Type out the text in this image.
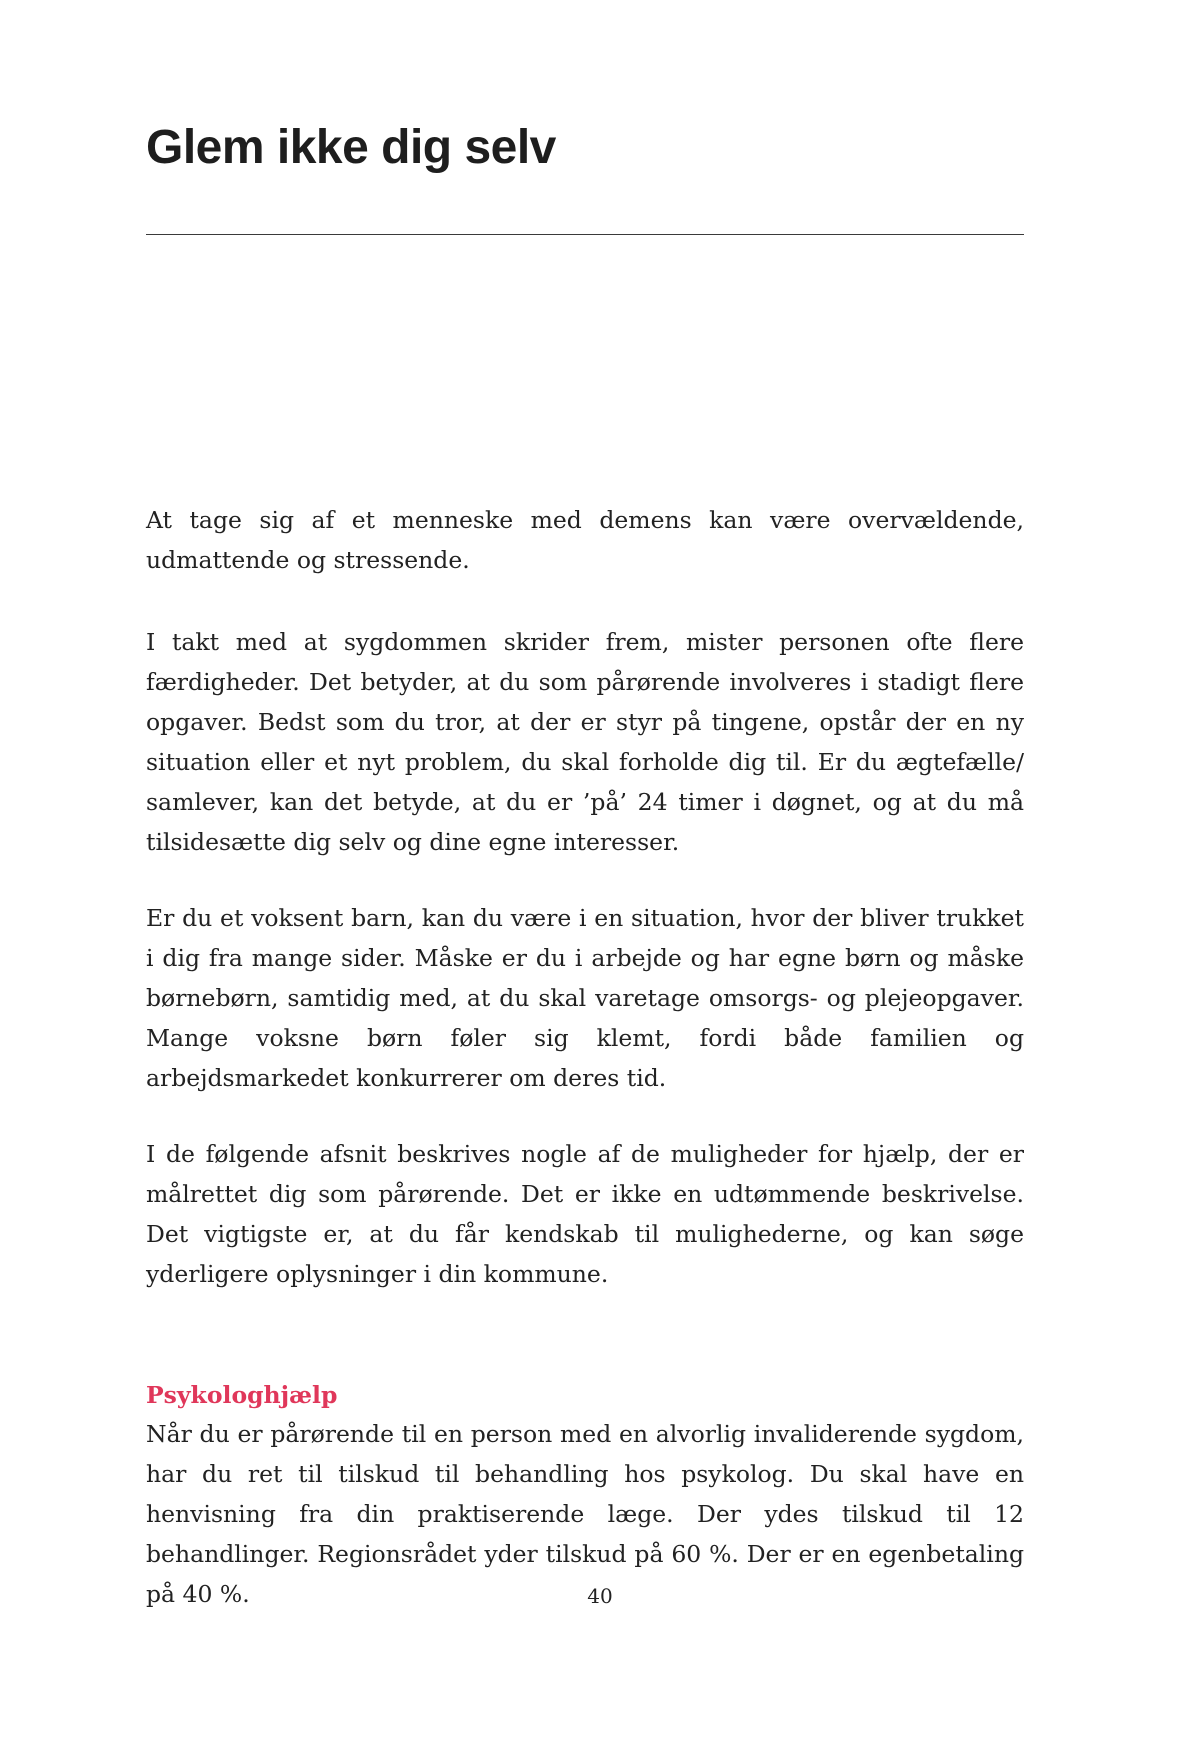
Glem ikke dig selv

At tage sig af et menneske med demens kan være overvældende, udmattende og stressende.

I takt med at sygdommen skrider frem, mister personen ofte flere færdigheder. Det betyder, at du som pårørende involveres i stadigt flere opgaver. Bedst som du tror, at der er styr på tingene, opstår der en ny situation eller et nyt problem, du skal forholde dig til. Er du ægtefælle/​samlever, kan det betyde, at du er ’på’ 24 timer i døgnet, og at du må tilsidesætte dig selv og dine egne interesser.

Er du et voksent barn, kan du være i en situation, hvor der bliver trukket i dig fra mange sider. Måske er du i arbejde og har egne børn og måske børnebørn, samtidig med, at du skal varetage omsorgs- og plejeopgaver. Mange voksne børn føler sig klemt, fordi både familien og arbejdsmarkedet konkurrerer om deres tid.

I de følgende afsnit beskrives nogle af de muligheder for hjælp, der er målrettet dig som pårørende. Det er ikke en udtømmende beskrivelse. Det vigtigste er, at du får kendskab til mulighederne, og kan søge yderligere oplysninger i din kommune.

Psykologhjælp

Når du er pårørende til en person med en alvorlig invaliderende sygdom, har du ret til tilskud til behandling hos psykolog. Du skal have en henvisning fra din praktiserende læge. Der ydes tilskud til 12 behandlinger. Regionsrådet yder tilskud på 60 %. Der er en egenbetaling på 40 %.	40
